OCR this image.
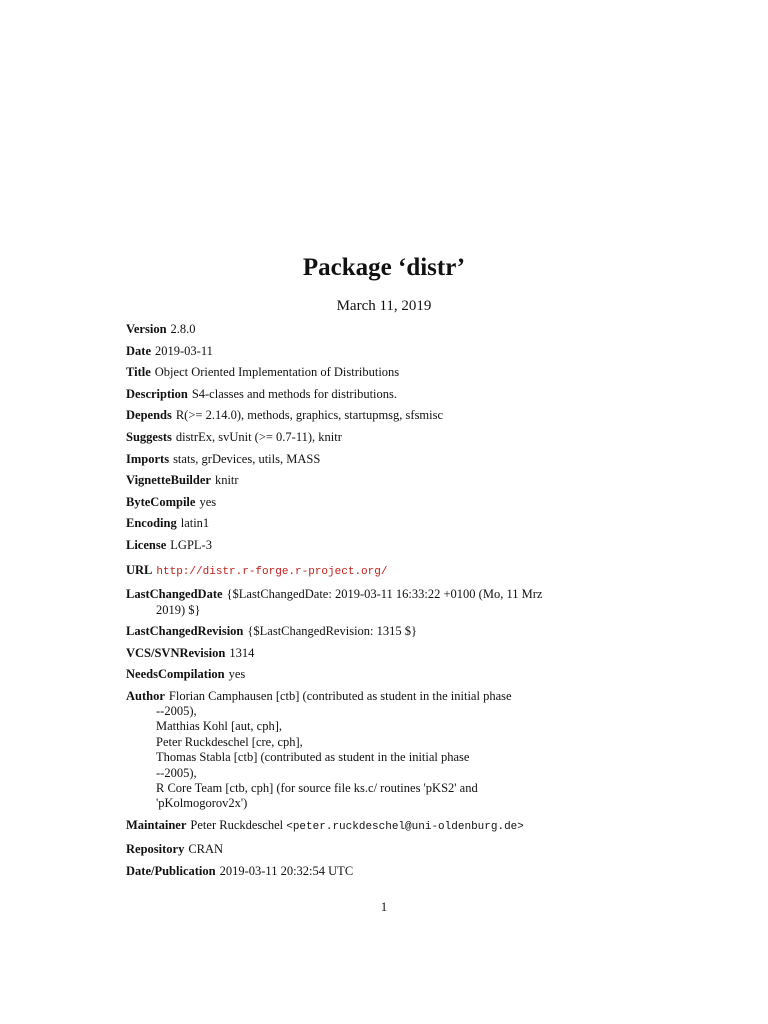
Package ‘distr’
March 11, 2019
Version 2.8.0
Date 2019-03-11
Title Object Oriented Implementation of Distributions
Description S4-classes and methods for distributions.
Depends R(>= 2.14.0), methods, graphics, startupmsg, sfsmisc
Suggests distrEx, svUnit (>= 0.7-11), knitr
Imports stats, grDevices, utils, MASS
VignetteBuilder knitr
ByteCompile yes
Encoding latin1
License LGPL-3
URL http://distr.r-forge.r-project.org/
LastChangedDate {$LastChangedDate: 2019-03-11 16:33:22 +0100 (Mo, 11 Mrz 2019) $}
LastChangedRevision {$LastChangedRevision: 1315 $}
VCS/SVNRevision 1314
NeedsCompilation yes
Author Florian Camphausen [ctb] (contributed as student in the initial phase
--2005),
Matthias Kohl [aut, cph],
Peter Ruckdeschel [cre, cph],
Thomas Stabla [ctb] (contributed as student in the initial phase
--2005),
R Core Team [ctb, cph] (for source file ks.c/ routines 'pKS2' and
'pKolmogorov2x')
Maintainer Peter Ruckdeschel <peter.ruckdeschel@uni-oldenburg.de>
Repository CRAN
Date/Publication 2019-03-11 20:32:54 UTC
1
